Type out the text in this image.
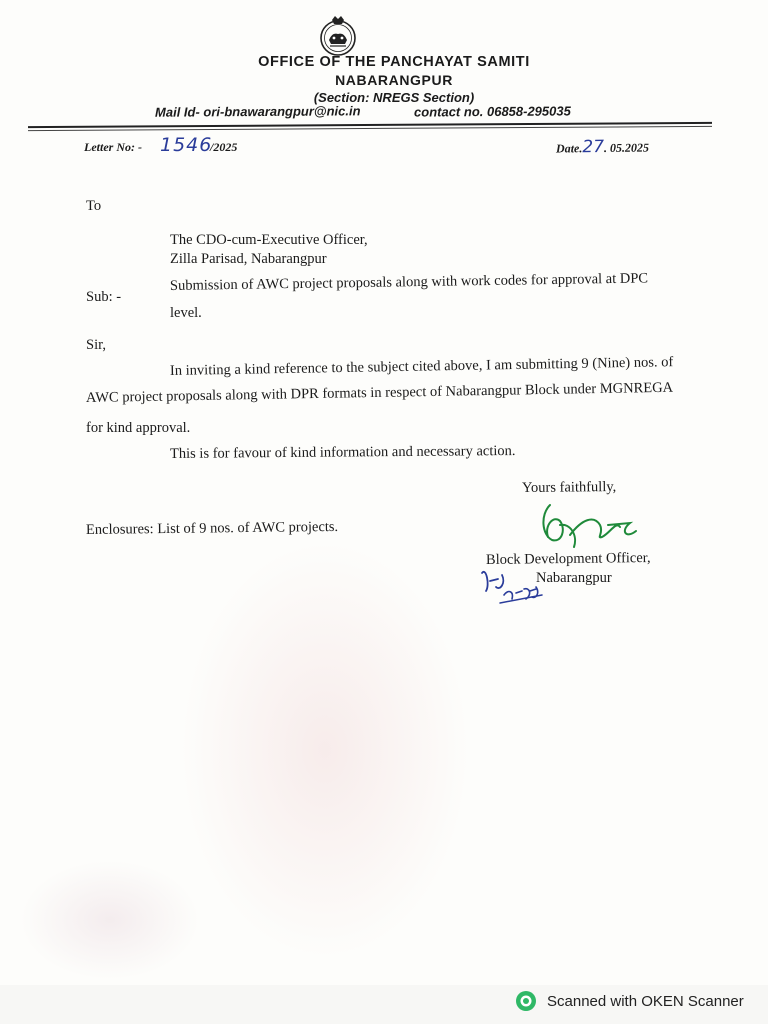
OFFICE OF THE PANCHAYAT SAMITI
NABARANGPUR
(Section: NREGS Section)
Mail Id- ori-bnawarangpur@nic.in	contact no. 06858-295035
Letter No: - 1546
/2025	Date.27. 05.2025
To
The CDO-cum-Executive Officer,
Zilla Parisad, Nabarangpur
Sub: -
Submission of AWC project proposals along with work codes for approval at DPC
level.
Sir,
In inviting a kind reference to the subject cited above, I am submitting 9 (Nine) nos. of
AWC project proposals along with DPR formats in respect of Nabarangpur Block under MGNREGA
for kind approval.
This is for favour of kind information and necessary action.
Yours faithfully,
Enclosures: List of 9 nos. of AWC projects.
Block Development Officer,
Nabarangpur
Scanned with OKEN Scanner
